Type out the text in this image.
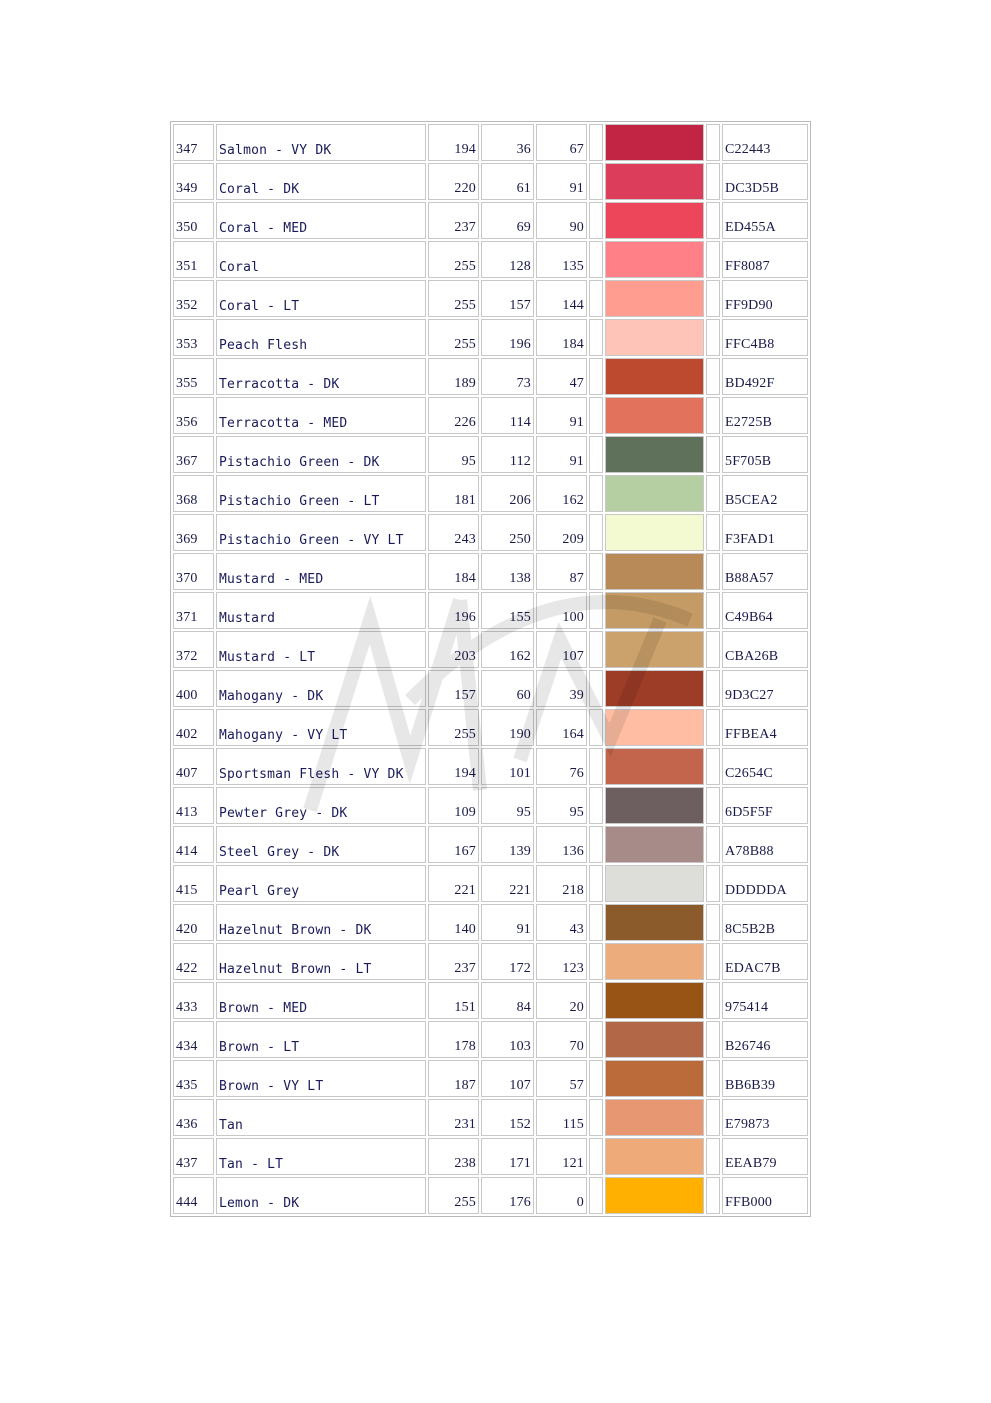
347	Salmon - VY DK	194	36	67				C22443
349	Coral - DK	220	61	91				DC3D5B
350	Coral - MED	237	69	90				ED455A
351	Coral	255	128	135				FF8087
352	Coral - LT	255	157	144				FF9D90
353	Peach Flesh	255	196	184				FFC4B8
355	Terracotta - DK	189	73	47				BD492F
356	Terracotta - MED	226	114	91				E2725B
367	Pistachio Green - DK	95	112	91				5F705B
368	Pistachio Green - LT	181	206	162				B5CEA2
369	Pistachio Green - VY LT	243	250	209				F3FAD1
370	Mustard - MED	184	138	87				B88A57
371	Mustard	196	155	100				C49B64
372	Mustard - LT	203	162	107				CBA26B
400	Mahogany - DK	157	60	39				9D3C27
402	Mahogany - VY LT	255	190	164				FFBEA4
407	Sportsman Flesh - VY DK	194	101	76				C2654C
413	Pewter Grey - DK	109	95	95				6D5F5F
414	Steel Grey - DK	167	139	136				A78B88
415	Pearl Grey	221	221	218				DDDDDA
420	Hazelnut Brown - DK	140	91	43				8C5B2B
422	Hazelnut Brown - LT	237	172	123				EDAC7B
433	Brown - MED	151	84	20				975414
434	Brown - LT	178	103	70				B26746
435	Brown - VY LT	187	107	57				BB6B39
436	Tan	231	152	115				E79873
437	Tan - LT	238	171	121				EEAB79
444	Lemon - DK	255	176	0				FFB000
